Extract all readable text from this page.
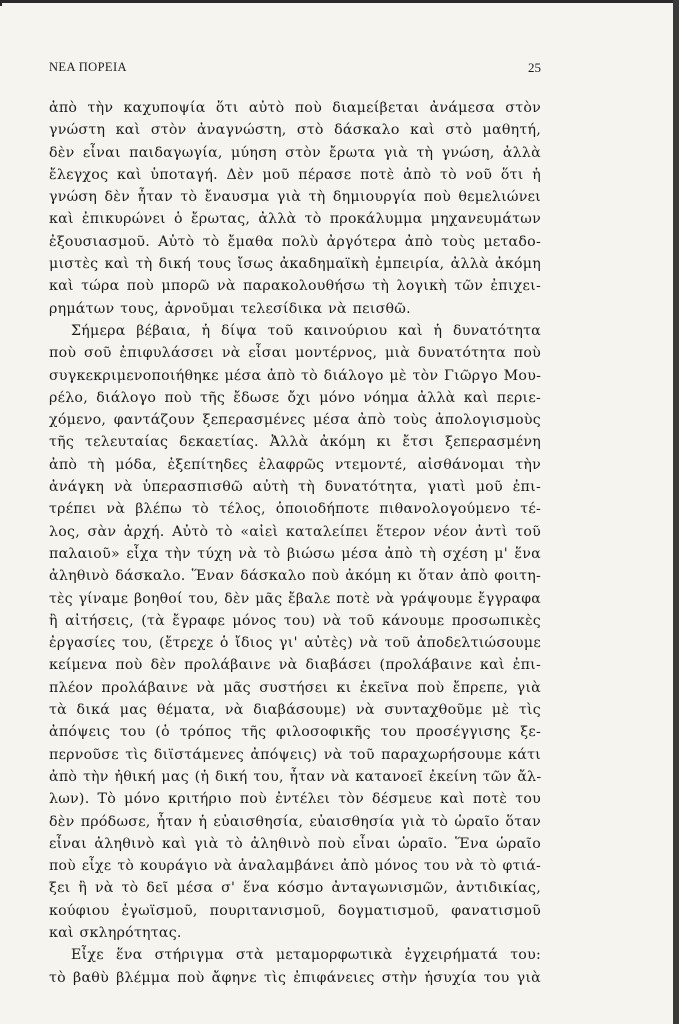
ΝΕΑ ΠΟΡΕΙΑ	25
ἀπὸ τὴν καχυποψία ὅτι αὐτὸ ποὺ διαμείβεται ἀνάμεσα στὸν
γνώστη καὶ στὸν ἀναγνώστη, στὸ δάσκαλο καὶ στὸ μαθητή,
δὲν εἶναι παιδαγωγία, μύηση στὸν ἔρωτα γιὰ τὴ γνώση, ἀλλὰ
ἔλεγχος καὶ ὑποταγή. Δὲν μοῦ πέρασε ποτὲ ἀπὸ τὸ νοῦ ὅτι ἡ
γνώση δὲν ἦταν τὸ ἔναυσμα γιὰ τὴ δημιουργία ποὺ θεμελιώνει
καὶ ἐπικυρώνει ὁ ἔρωτας, ἀλλὰ τὸ προκάλυμμα μηχανευμάτων
ἐξουσιασμοῦ. Αὐτὸ τὸ ἔμαθα πολὺ ἀργότερα ἀπὸ τοὺς μεταδο-
μιστὲς καὶ τὴ δική τους ἴσως ἀκαδημαϊκὴ ἐμπειρία, ἀλλὰ ἀκόμη
καὶ τώρα ποὺ μπορῶ νὰ παρακολουθήσω τὴ λογικὴ τῶν ἐπιχει-
ρημάτων τους, ἀρνοῦμαι τελεσίδικα νὰ πεισθῶ.
Σήμερα βέβαια, ἡ δίψα τοῦ καινούριου καὶ ἡ δυνατότητα
ποὺ σοῦ ἐπιφυλάσσει νὰ εἶσαι μοντέρνος, μιὰ δυνατότητα ποὺ
συγκεκριμενοποιήθηκε μέσα ἀπὸ τὸ διάλογο μὲ τὸν Γιῶργο Μου-
ρέλο, διάλογο ποὺ τῆς ἔδωσε ὄχι μόνο νόημα ἀλλὰ καὶ περιε-
χόμενο, φαντάζουν ξεπερασμένες μέσα ἀπὸ τοὺς ἀπολογισμοὺς
τῆς τελευταίας δεκαετίας. Ἀλλὰ ἀκόμη κι ἔτσι ξεπερασμένη
ἀπὸ τὴ μόδα, ἐξεπίτηδες ἐλαφρῶς ντεμοντέ, αἰσθάνομαι τὴν
ἀνάγκη νὰ ὑπερασπισθῶ αὐτὴ τὴ δυνατότητα, γιατὶ μοῦ ἐπι-
τρέπει νὰ βλέπω τὸ τέλος, ὁποιοδήποτε πιθανολογούμενο τέ-
λος, σὰν ἀρχή. Αὐτὸ τὸ «αἰεὶ καταλείπει ἕτερον νέον ἀντὶ τοῦ
παλαιοῦ» εἶχα τὴν τύχη νὰ τὸ βιώσω μέσα ἀπὸ τὴ σχέση μ' ἕνα
ἀληθινὸ δάσκαλο. Ἕναν δάσκαλο ποὺ ἀκόμη κι ὅταν ἀπὸ φοιτη-
τὲς γίναμε βοηθοί του, δὲν μᾶς ἔβαλε ποτὲ νὰ γράψουμε ἔγγραφα
ἢ αἰτήσεις, (τὰ ἔγραφε μόνος του) νὰ τοῦ κάνουμε προσωπικὲς
ἐργασίες του, (ἔτρεχε ὁ ἴδιος γι' αὐτὲς) νὰ τοῦ ἀποδελτιώσουμε
κείμενα ποὺ δὲν προλάβαινε νὰ διαβάσει (προλάβαινε καὶ ἐπι-
πλέον προλάβαινε νὰ μᾶς συστήσει κι ἐκεῖνα ποὺ ἔπρεπε, γιὰ
τὰ δικά μας θέματα, νὰ διαβάσουμε) νὰ συνταχθοῦμε μὲ τὶς
ἀπόψεις του (ὁ τρόπος τῆς φιλοσοφικῆς του προσέγγισης ξε-
περνοῦσε τὶς διϊστάμενες ἀπόψεις) νὰ τοῦ παραχωρήσουμε κάτι
ἀπὸ τὴν ἠθική μας (ἡ δική του, ἦταν νὰ κατανοεῖ ἐκείνη τῶν ἄλ-
λων). Τὸ μόνο κριτήριο ποὺ ἐντέλει τὸν δέσμευε καὶ ποτὲ του
δὲν πρόδωσε, ἦταν ἡ εὐαισθησία, εὐαισθησία γιὰ τὸ ὡραῖο ὅταν
εἶναι ἀληθινὸ καὶ γιὰ τὸ ἀληθινὸ ποὺ εἶναι ὡραῖο. Ἕνα ὡραῖο
ποὺ εἶχε τὸ κουράγιο νὰ ἀναλαμβάνει ἀπὸ μόνος του νὰ τὸ φτιά-
ξει ἢ νὰ τὸ δεῖ μέσα σ' ἕνα κόσμο ἀνταγωνισμῶν, ἀντιδικίας,
κούφιου ἐγωϊσμοῦ, πουριτανισμοῦ, δογματισμοῦ, φανατισμοῦ
καὶ σκληρότητας.
Εἶχε ἕνα στήριγμα στὰ μεταμορφωτικὰ ἐγχειρήματά του:
τὸ βαθὺ βλέμμα ποὺ ἄφηνε τὶς ἐπιφάνειες στὴν ἡσυχία του γιὰ
